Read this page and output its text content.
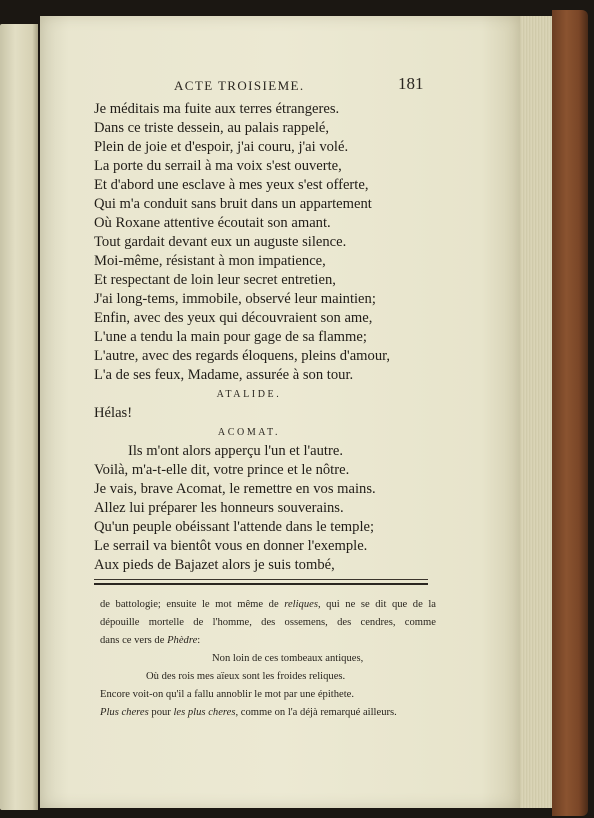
ACTE TROISIEME.	181
Je méditais ma fuite aux terres étrangeres.
Dans ce triste dessein, au palais rappelé,
Plein de joie et d'espoir, j'ai couru, j'ai volé.
La porte du serrail à ma voix s'est ouverte,
Et d'abord une esclave à mes yeux s'est offerte,
Qui m'a conduit sans bruit dans un appartement
Où Roxane attentive écoutait son amant.
Tout gardait devant eux un auguste silence.
Moi-même, résistant à mon impatience,
Et respectant de loin leur secret entretien,
J'ai long-tems, immobile, observé leur maintien;
Enfin, avec des yeux qui découvraient son ame,
L'une a tendu la main pour gage de sa flamme;
L'autre, avec des regards éloquens, pleins d'amour,
L'a de ses feux, Madame, assurée à son tour.
ATALIDE.
Hélas!
ACOMAT.
Ils m'ont alors apperçu l'un et l'autre.
Voilà, m'a-t-elle dit, votre prince et le nôtre.
Je vais, brave Acomat, le remettre en vos mains.
Allez lui préparer les honneurs souverains.
Qu'un peuple obéissant l'attende dans le temple;
Le serrail va bientôt vous en donner l'exemple.
Aux pieds de Bajazet alors je suis tombé,
de battologie; ensuite le mot même de reliques, qui ne se dit que de la
dépouille mortelle de l'homme, des ossemens, des cendres, comme
dans ce vers de Phèdre:
Non loin de ces tombeaux antiques,
Où des rois mes aïeux sont les froides reliques.
Encore voit-on qu'il a fallu annoblir le mot par une épithete.
Plus cheres pour les plus cheres, comme on l'a déjà remarqué ailleurs.
